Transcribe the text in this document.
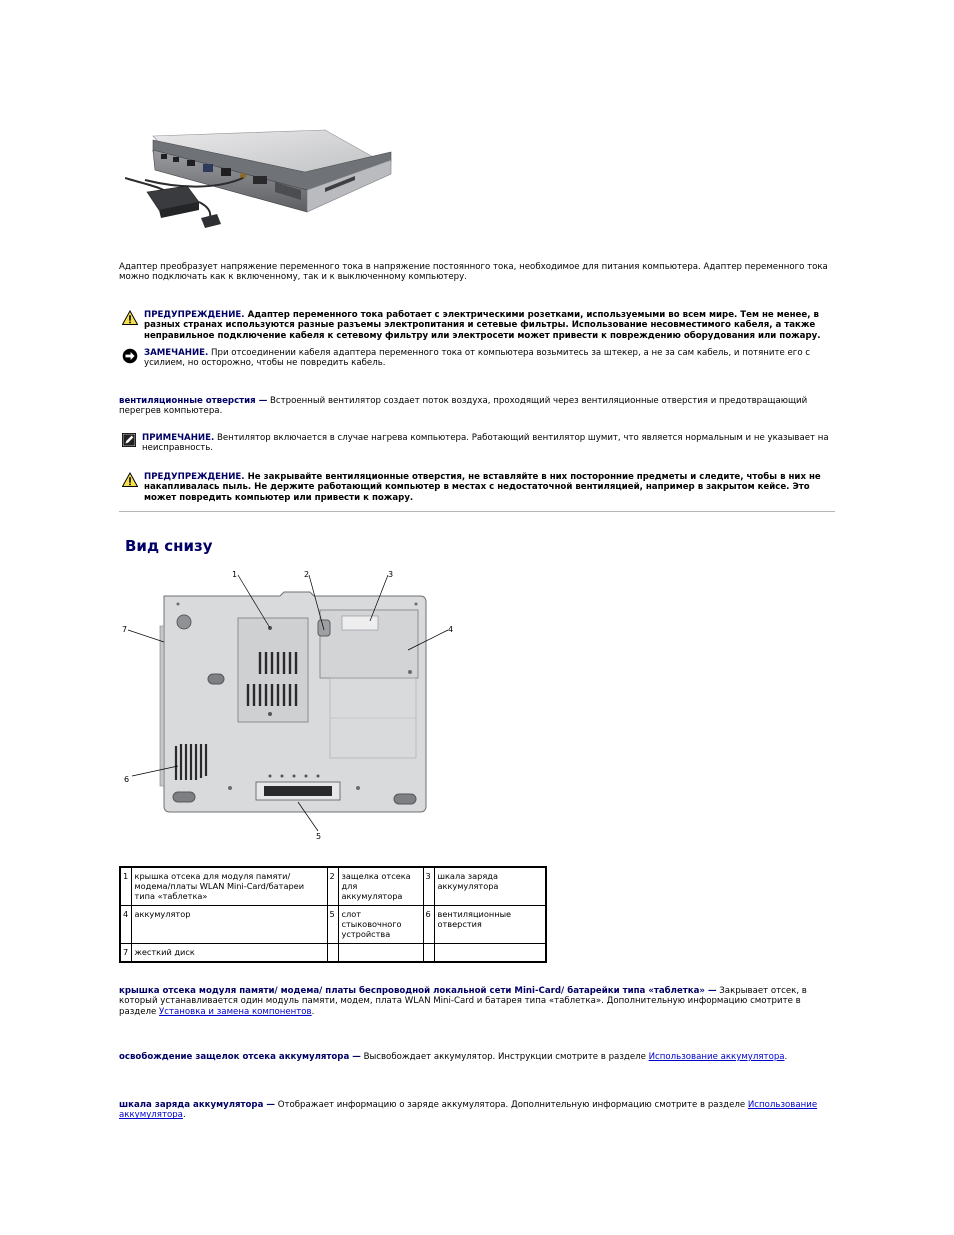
Адаптер преобразует напряжение переменного тока в напряжение постоянного тока, необходимое для питания компьютера. Адаптер переменного тока можно подключать как к включенному, так и к выключенному компьютеру.

ПРЕДУПРЕЖДЕНИЕ. Адаптер переменного тока работает с электрическими розетками, используемыми во всем мире. Тем не менее, в разных странах используются разные разъемы электропитания и сетевые фильтры. Использование несовместимого кабеля, а также неправильное подключение кабеля к сетевому фильтру или электросети может привести к повреждению оборудования или пожару.

ЗАМЕЧАНИЕ. При отсоединении кабеля адаптера переменного тока от компьютера возьмитесь за штекер, а не за сам кабель, и потяните его с усилием, но осторожно, чтобы не повредить кабель.

вентиляционные отверстия — Встроенный вентилятор создает поток воздуха, проходящий через вентиляционные отверстия и предотвращающий перегрев компьютера.

ПРИМЕЧАНИЕ. Вентилятор включается в случае нагрева компьютера. Работающий вентилятор шумит, что является нормальным и не указывает на неисправность.

ПРЕДУПРЕЖДЕНИЕ. Не закрывайте вентиляционные отверстия, не вставляйте в них посторонние предметы и следите, чтобы в них не накапливалась пыль. Не держите работающий компьютер в местах с недостаточной вентиляцией, например в закрытом кейсе. Это может повредить компьютер или привести к пожару.

Вид снизу
1	2	3
4
5
6
7
1	крышка отсека для модуля памяти/модема/платы WLAN Mini-Card/батареи типа «таблетка»	2	защелка отсека для аккумулятора	3	шкала заряда аккумулятора
4	аккумулятор	5	слот стыковочного устройства	6	вентиляционные отверстия
7	жесткий диск				

крышка отсека модуля памяти/ модема/ платы беспроводной локальной сети Mini-Card/ батарейки типа «таблетка» — Закрывает отсек, в который устанавливается один модуль памяти, модем, плата WLAN Mini-Card и батарея типа «таблетка». Дополнительную информацию смотрите в разделе Установка и замена компонентов.

освобождение защелок отсека аккумулятора — Высвобождает аккумулятор. Инструкции смотрите в разделе Использование аккумулятора.

шкала заряда аккумулятора — Отображает информацию о заряде аккумулятора. Дополнительную информацию смотрите в разделе Использование аккумулятора.
